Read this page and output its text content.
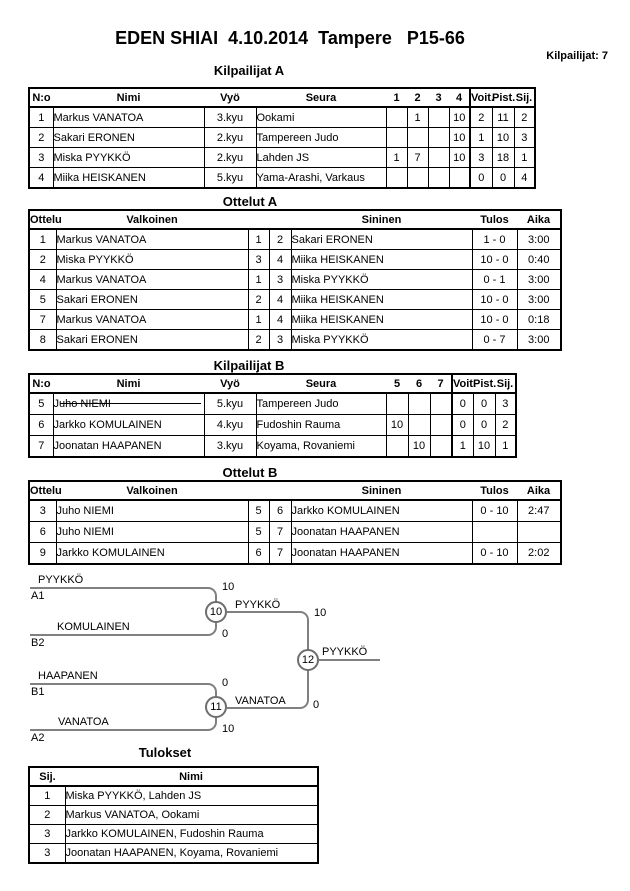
EDEN SHIAI  4.10.2014  Tampere   P15-66
Kilpailijat: 7
Kilpailijat A
N:o	Nimi	Vyö	Seura	1	2	3	4	Voit.	Pist.	Sij.
1	Markus VANATOA	3.kyu	Ookami		1		10	2	11	2
2	Sakari ERONEN	2.kyu	Tampereen Judo				10	1	10	3
3	Miska PYYKKÖ	2.kyu	Lahden JS	1	7		10	3	18	1
4	Miika HEISKANEN	5.kyu	Yama-Arashi, Varkaus					0	0	4
Ottelut A
Ottelu	Valkoinen			Sininen	Tulos	Aika
1	Markus VANATOA	1	2	Sakari ERONEN	1 - 0	3:00
2	Miska PYYKKÖ	3	4	Miika HEISKANEN	10 - 0	0:40
4	Markus VANATOA	1	3	Miska PYYKKÖ	0 - 1	3:00
5	Sakari ERONEN	2	4	Miika HEISKANEN	10 - 0	3:00
7	Markus VANATOA	1	4	Miika HEISKANEN	10 - 0	0:18
8	Sakari ERONEN	2	3	Miska PYYKKÖ	0 - 7	3:00
Kilpailijat B
N:o	Nimi	Vyö	Seura	5	6	7	Voit.	Pist.	Sij.
5	Juho NIEMI	5.kyu	Tampereen Judo				0	0	3
6	Jarkko KOMULAINEN	4.kyu	Fudoshin Rauma	10			0	0	2
7	Joonatan HAAPANEN	3.kyu	Koyama, Rovaniemi		10		1	10	1
Ottelut B
Ottelu	Valkoinen			Sininen	Tulos	Aika
3	Juho NIEMI	5	6	Jarkko KOMULAINEN	0 - 10	2:47
6	Juho NIEMI	5	7	Joonatan HAAPANEN		
9	Jarkko KOMULAINEN	6	7	Joonatan HAAPANEN	0 - 10	2:02
10
11
12
PYYKKÖ
A1
10
KOMULAINEN
B2
0
HAAPANEN
B1
0
VANATOA
A2
10
PYYKKÖ
10
VANATOA 0
PYYKKÖ
Tulokset
Sij.	Nimi
1	Miska PYYKKÖ, Lahden JS
2	Markus VANATOA, Ookami
3	Jarkko KOMULAINEN, Fudoshin Rauma
3	Joonatan HAAPANEN, Koyama, Rovaniemi
